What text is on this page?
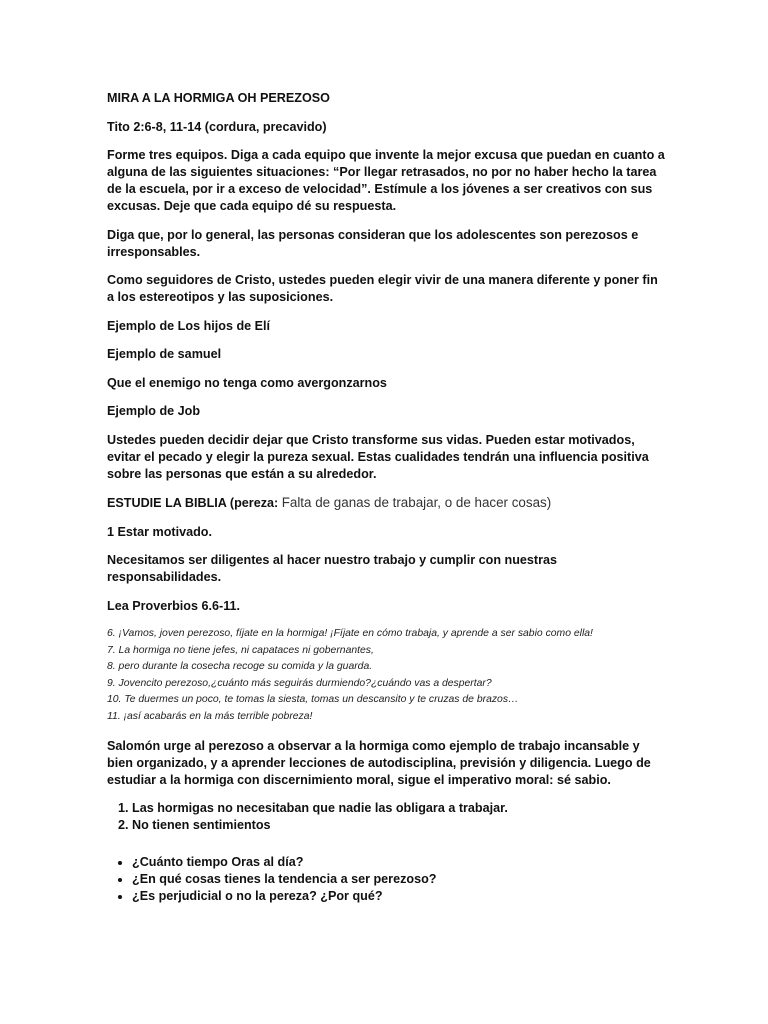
MIRA A LA HORMIGA OH PEREZOSO

Tito 2:6-8, 11-14 (cordura, precavido)

Forme tres equipos. Diga a cada equipo que invente la mejor excusa que puedan en cuanto a alguna de las siguientes situaciones: “Por llegar retrasados, no por no haber hecho la tarea de la escuela, por ir a exceso de velocidad”. Estímule a los jóvenes a ser creativos con sus excusas. Deje que cada equipo dé su respuesta.

Diga que, por lo general, las personas consideran que los adolescentes son perezosos e irresponsables.

Como seguidores de Cristo, ustedes pueden elegir vivir de una manera diferente y poner fin a los estereotipos y las suposiciones.

Ejemplo de Los hijos de Elí

Ejemplo de samuel

Que el enemigo no tenga como avergonzarnos

Ejemplo de Job

Ustedes pueden decidir dejar que Cristo transforme sus vidas. Pueden estar motivados, evitar el pecado y elegir la pureza sexual. Estas cualidades tendrán una influencia positiva sobre las personas que están a su alrededor.

ESTUDIE LA BIBLIA (pereza: Falta de ganas de trabajar, o de hacer cosas)

1 Estar motivado.

Necesitamos ser diligentes al hacer nuestro trabajo y cumplir con nuestras responsabilidades.

Lea Proverbios 6.6-11.

6. ¡Vamos, joven perezoso, fíjate en la hormiga! ¡Fíjate en cómo trabaja, y aprende a ser sabio como ella!
7. La hormiga no tiene jefes, ni capataces ni gobernantes,
8. pero durante la cosecha recoge su comida y la guarda.
9. Jovencito perezoso,¿cuánto más seguirás durmiendo?¿cuándo vas a despertar?
10. Te duermes un poco, te tomas la siesta, tomas un descansito y te cruzas de brazos…
11. ¡así acabarás en la más terrible pobreza!

Salomón urge al perezoso a observar a la hormiga como ejemplo de trabajo incansable y bien organizado, y a aprender lecciones de autodisciplina, previsión y diligencia. Luego de estudiar a la hormiga con discernimiento moral, sigue el imperativo moral: sé sabio.

1. Las hormigas no necesitaban que nadie las obligara a trabajar.
2. No tienen sentimientos
• ¿Cuánto tiempo Oras al día?
• ¿En qué cosas tienes la tendencia a ser perezoso?
• ¿Es perjudicial o no la pereza? ¿Por qué?
